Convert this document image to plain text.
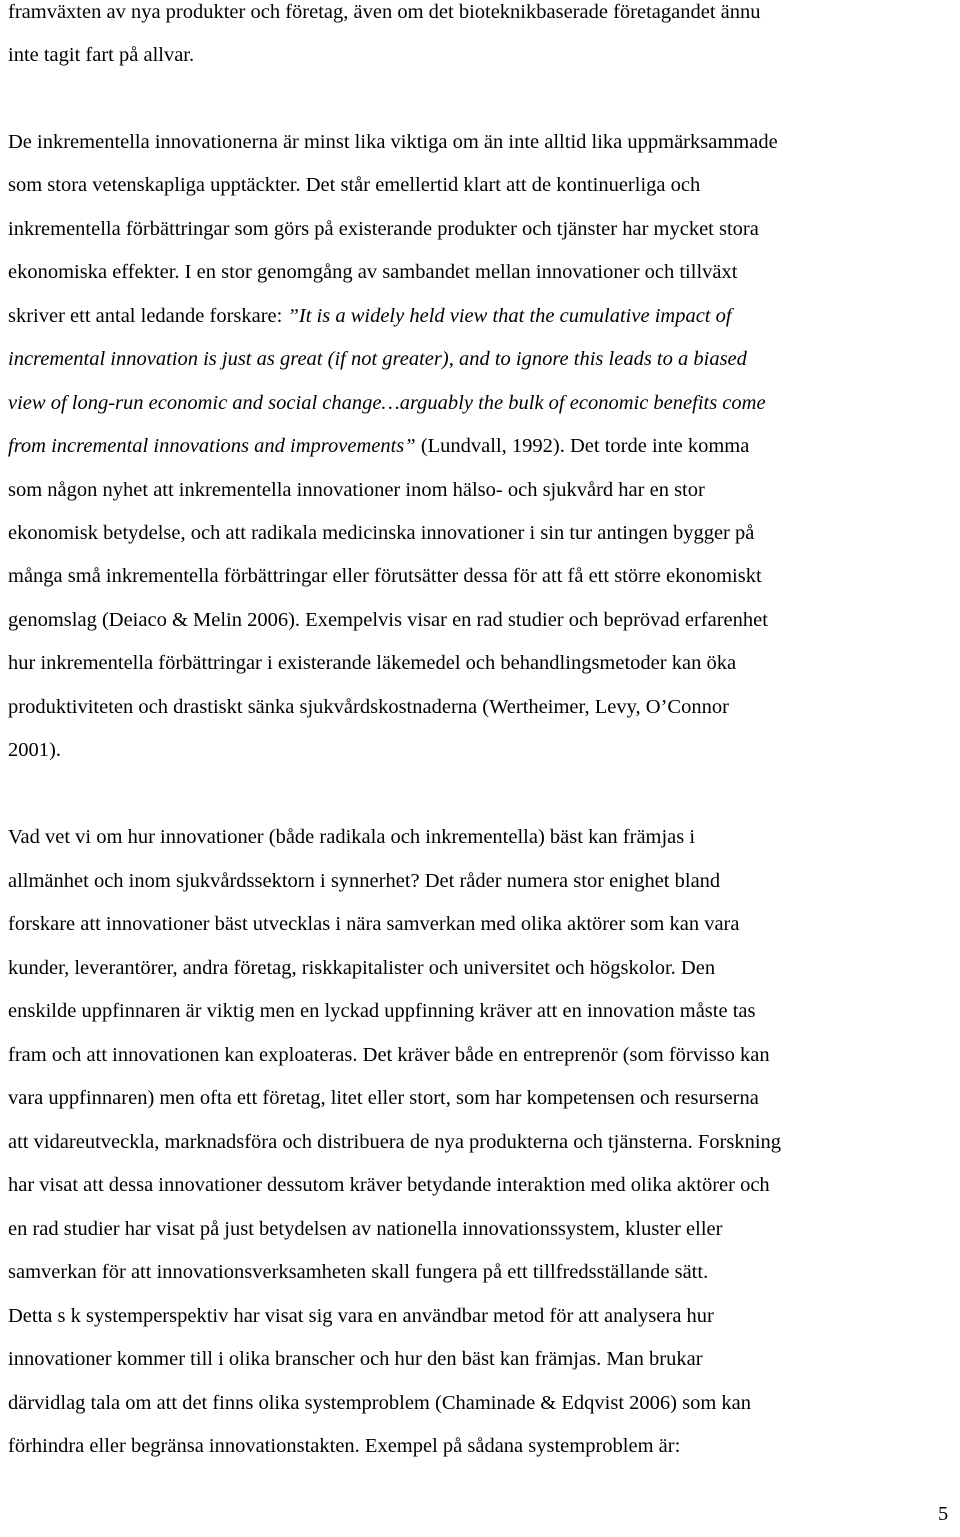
framväxten av nya produkter och företag, även om det bioteknikbaserade företagandet ännu
inte tagit fart på allvar.
De inkrementella innovationerna är minst lika viktiga om än inte alltid lika uppmärksammade
som stora vetenskapliga upptäckter. Det står emellertid klart att de kontinuerliga och
inkrementella förbättringar som görs på existerande produkter och tjänster har mycket stora
ekonomiska effekter. I en stor genomgång av sambandet mellan innovationer och tillväxt
skriver ett antal ledande forskare: ”It is a widely held view that the cumulative impact of
incremental innovation is just as great (if not greater), and to ignore this leads to a biased
view of long-run economic and social change…arguably the bulk of economic benefits come
from incremental innovations and improvements” (Lundvall, 1992). Det torde inte komma
som någon nyhet att inkrementella innovationer inom hälso- och sjukvård har en stor
ekonomisk betydelse, och att radikala medicinska innovationer i sin tur antingen bygger på
många små inkrementella förbättringar eller förutsätter dessa för att få ett större ekonomiskt
genomslag (Deiaco & Melin 2006). Exempelvis visar en rad studier och beprövad erfarenhet
hur inkrementella förbättringar i existerande läkemedel och behandlingsmetoder kan öka
produktiviteten och drastiskt sänka sjukvårdskostnaderna (Wertheimer, Levy, O’Connor
2001).
Vad vet vi om hur innovationer (både radikala och inkrementella) bäst kan främjas i
allmänhet och inom sjukvårdssektorn i synnerhet? Det råder numera stor enighet bland
forskare att innovationer bäst utvecklas i nära samverkan med olika aktörer som kan vara
kunder, leverantörer, andra företag, riskkapitalister och universitet och högskolor. Den
enskilde uppfinnaren är viktig men en lyckad uppfinning kräver att en innovation måste tas
fram och att innovationen kan exploateras. Det kräver både en entreprenör (som förvisso kan
vara uppfinnaren) men ofta ett företag, litet eller stort, som har kompetensen och resurserna
att vidareutveckla, marknadsföra och distribuera de nya produkterna och tjänsterna. Forskning
har visat att dessa innovationer dessutom kräver betydande interaktion med olika aktörer och
en rad studier har visat på just betydelsen av nationella innovationssystem, kluster eller
samverkan för att innovationsverksamheten skall fungera på ett tillfredsställande sätt.
Detta s k systemperspektiv har visat sig vara en användbar metod för att analysera hur
innovationer kommer till i olika branscher och hur den bäst kan främjas. Man brukar
därvidlag tala om att det finns olika systemproblem (Chaminade & Edqvist 2006) som kan
förhindra eller begränsa innovationstakten. Exempel på sådana systemproblem är:
5
